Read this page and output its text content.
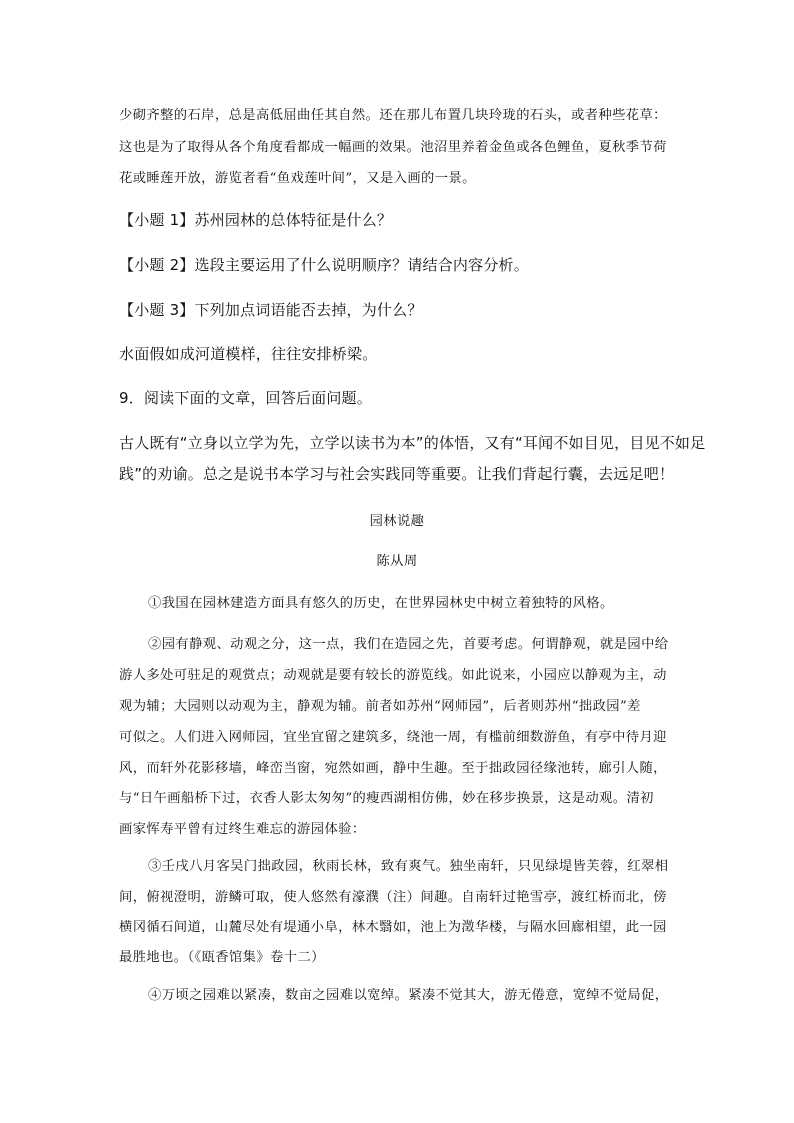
少砌齐整的石岸，总是高低屈曲任其自然。还在那儿布置几块玲珑的石头，或者种些花草：
这也是为了取得从各个角度看都成一幅画的效果。池沼里养着金鱼或各色鲤鱼，夏秋季节荷
花或睡莲开放，游览者看“鱼戏莲叶间”，又是入画的一景。
【小题 1】苏州园林的总体特征是什么？
【小题 2】选段主要运用了什么说明顺序？请结合内容分析。
【小题 3】下列加点词语能否去掉，为什么？
水面假如成河道模样，往往安排桥梁。
9．阅读下面的文章，回答后面问题。
古人既有“立身以立学为先，立学以读书为本”的体悟，又有“耳闻不如目见，目见不如足
践”的劝谕。总之是说书本学习与社会实践同等重要。让我们背起行囊，去远足吧！
园林说趣
陈从周
①我国在园林建造方面具有悠久的历史，在世界园林史中树立着独特的风格。
②园有静观、动观之分，这一点，我们在造园之先，首要考虑。何谓静观，就是园中给
游人多处可驻足的观赏点；动观就是要有较长的游览线。如此说来，小园应以静观为主，动
观为辅；大园则以动观为主，静观为辅。前者如苏州“网师园”，后者则苏州“拙政园”差
可似之。人们进入网师园，宜坐宜留之建筑多，绕池一周，有槛前细数游鱼，有亭中待月迎
风，而轩外花影移墙，峰峦当窗，宛然如画，静中生趣。至于拙政园径缘池转，廊引人随，
与“日午画船桥下过，衣香人影太匆匆”的瘦西湖相仿佛，妙在移步换景，这是动观。清初
画家恽寿平曾有过终生难忘的游园体验：
③壬戌八月客吴门拙政园，秋雨长林，致有爽气。独坐南轩，只见绿堤皆芙蓉，红翠相
间，俯视澄明，游鳞可取，使人悠然有濠濮（注）间趣。自南轩过艳雪亭，渡红桥而北，傍
横冈循石间道，山麓尽处有堤通小阜，林木翳如，池上为澂华楼，与隔水回廊相望，此一园
最胜地也。（《瓯香馆集》卷十二）
④万顷之园难以紧凑，数亩之园难以宽绰。紧凑不觉其大，游无倦意，宽绰不觉局促，
